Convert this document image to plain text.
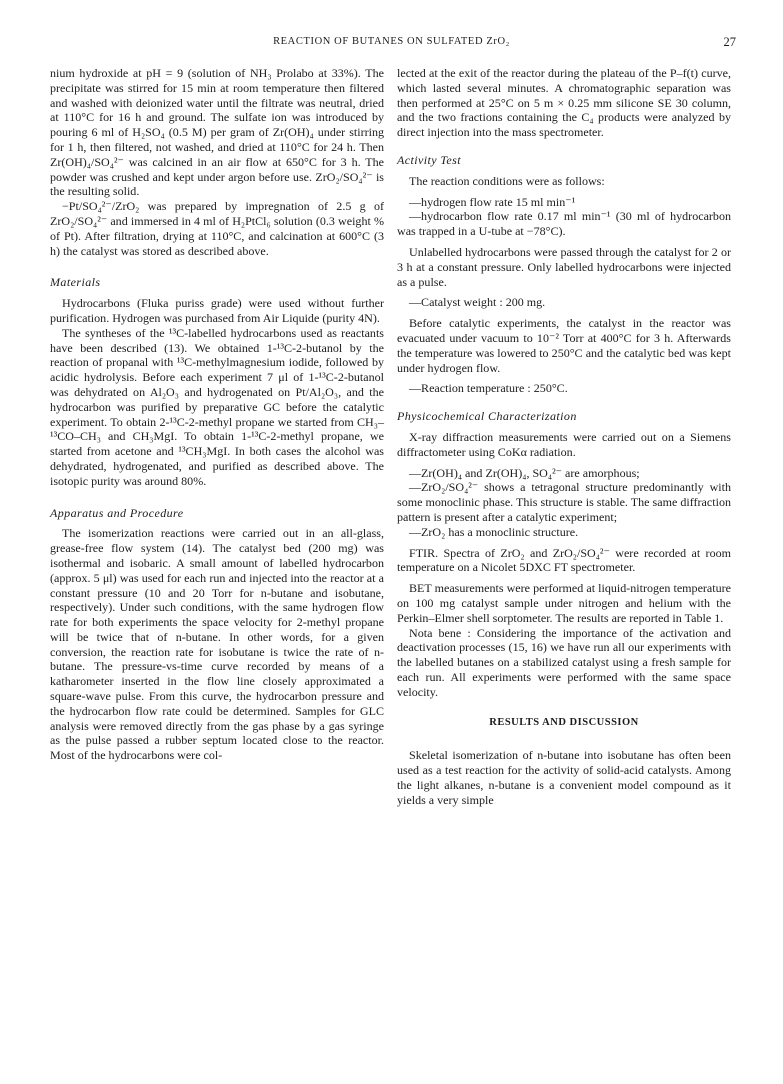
REACTION OF BUTANES ON SULFATED ZrO₂	27

nium hydroxide at pH = 9 (solution of NH₃ Prolabo at 33%). The precipitate was stirred for 15 min at room temperature then filtered and washed with deionized water until the filtrate was neutral, dried at 110°C for 16 h and ground. The sulfate ion was introduced by pouring 6 ml of H₂SO₄ (0.5 M) per gram of Zr(OH)₄ under stirring for 1 h, then filtered, not washed, and dried at 110°C for 24 h. Then Zr(OH)₄/SO₄²⁻ was calcined in an air flow at 650°C for 3 h. The powder was crushed and kept under argon before use. ZrO₂/SO₄²⁻ is the resulting solid.

−Pt/SO₄²⁻/ZrO₂ was prepared by impregnation of 2.5 g of ZrO₂/SO₄²⁻ and immersed in 4 ml of H₂PtCl₆ solution (0.3 weight % of Pt). After filtration, drying at 110°C, and calcination at 600°C (3 h) the catalyst was stored as described above.

Materials

Hydrocarbons (Fluka puriss grade) were used without further purification. Hydrogen was purchased from Air Liquide (purity 4N).

The syntheses of the ¹³C-labelled hydrocarbons used as reactants have been described (13). We obtained 1-¹³C-2-butanol by the reaction of propanal with ¹³C-methylmagnesium iodide, followed by acidic hydrolysis. Before each experiment 7 μl of 1-¹³C-2-butanol was dehydrated on Al₂O₃ and hydrogenated on Pt/Al₂O₃, and the hydrocarbon was purified by preparative GC before the catalytic experiment. To obtain 2-¹³C-2-methyl propane we started from CH₃–¹³CO–CH₃ and CH₃MgI. To obtain 1-¹³C-2-methyl propane, we started from acetone and ¹³CH₃MgI. In both cases the alcohol was dehydrated, hydrogenated, and purified as described above. The isotopic purity was around 80%.

Apparatus and Procedure

The isomerization reactions were carried out in an all-glass, grease-free flow system (14). The catalyst bed (200 mg) was isothermal and isobaric. A small amount of labelled hydrocarbon (approx. 5 μl) was used for each run and injected into the reactor at a constant pressure (10 and 20 Torr for n-butane and isobutane, respectively). Under such conditions, with the same hydrogen flow rate for both experiments the space velocity for 2-methyl propane will be twice that of n-butane. In other words, for a given conversion, the reaction rate for isobutane is twice the rate of n-butane. The pressure-vs-time curve recorded by means of a katharometer inserted in the flow line closely approximated a square-wave pulse. From this curve, the hydrocarbon pressure and the hydrocarbon flow rate could be determined. Samples for GLC analysis were removed directly from the gas phase by a gas syringe as the pulse passed a rubber septum located close to the reactor. Most of the hydrocarbons were col-

lected at the exit of the reactor during the plateau of the P–f(t) curve, which lasted several minutes. A chromatographic separation was then performed at 25°C on 5 m × 0.25 mm silicone SE 30 column, and the two fractions containing the C₄ products were analyzed by direct injection into the mass spectrometer.

Activity Test

The reaction conditions were as follows:

—hydrogen flow rate 15 ml min⁻¹

—hydrocarbon flow rate 0.17 ml min⁻¹ (30 ml of hydrocarbon was trapped in a U-tube at −78°C).

Unlabelled hydrocarbons were passed through the catalyst for 2 or 3 h at a constant pressure. Only labelled hydrocarbons were injected as a pulse.

—Catalyst weight : 200 mg.

Before catalytic experiments, the catalyst in the reactor was evacuated under vacuum to 10⁻² Torr at 400°C for 3 h. Afterwards the temperature was lowered to 250°C and the catalytic bed was kept under hydrogen flow.

—Reaction temperature : 250°C.

Physicochemical Characterization

X-ray diffraction measurements were carried out on a Siemens diffractometer using CoKα radiation.

—Zr(OH)₄ and Zr(OH)₄, SO₄²⁻ are amorphous;

—ZrO₂/SO₄²⁻ shows a tetragonal structure predominantly with some monoclinic phase. This structure is stable. The same diffraction pattern is present after a catalytic experiment;

—ZrO₂ has a monoclinic structure.

FTIR. Spectra of ZrO₂ and ZrO₂/SO₄²⁻ were recorded at room temperature on a Nicolet 5DXC FT spectrometer.

BET measurements were performed at liquid-nitrogen temperature on 100 mg catalyst sample under nitrogen and helium with the Perkin–Elmer shell sorptometer. The results are reported in Table 1.

Nota bene : Considering the importance of the activation and deactivation processes (15, 16) we have run all our experiments with the labelled butanes on a stabilized catalyst using a fresh sample for each run. All experiments were performed with the same space velocity.

RESULTS AND DISCUSSION

Skeletal isomerization of n-butane into isobutane has often been used as a test reaction for the activity of solid-acid catalysts. Among the light alkanes, n-butane is a convenient model compound as it yields a very simple
